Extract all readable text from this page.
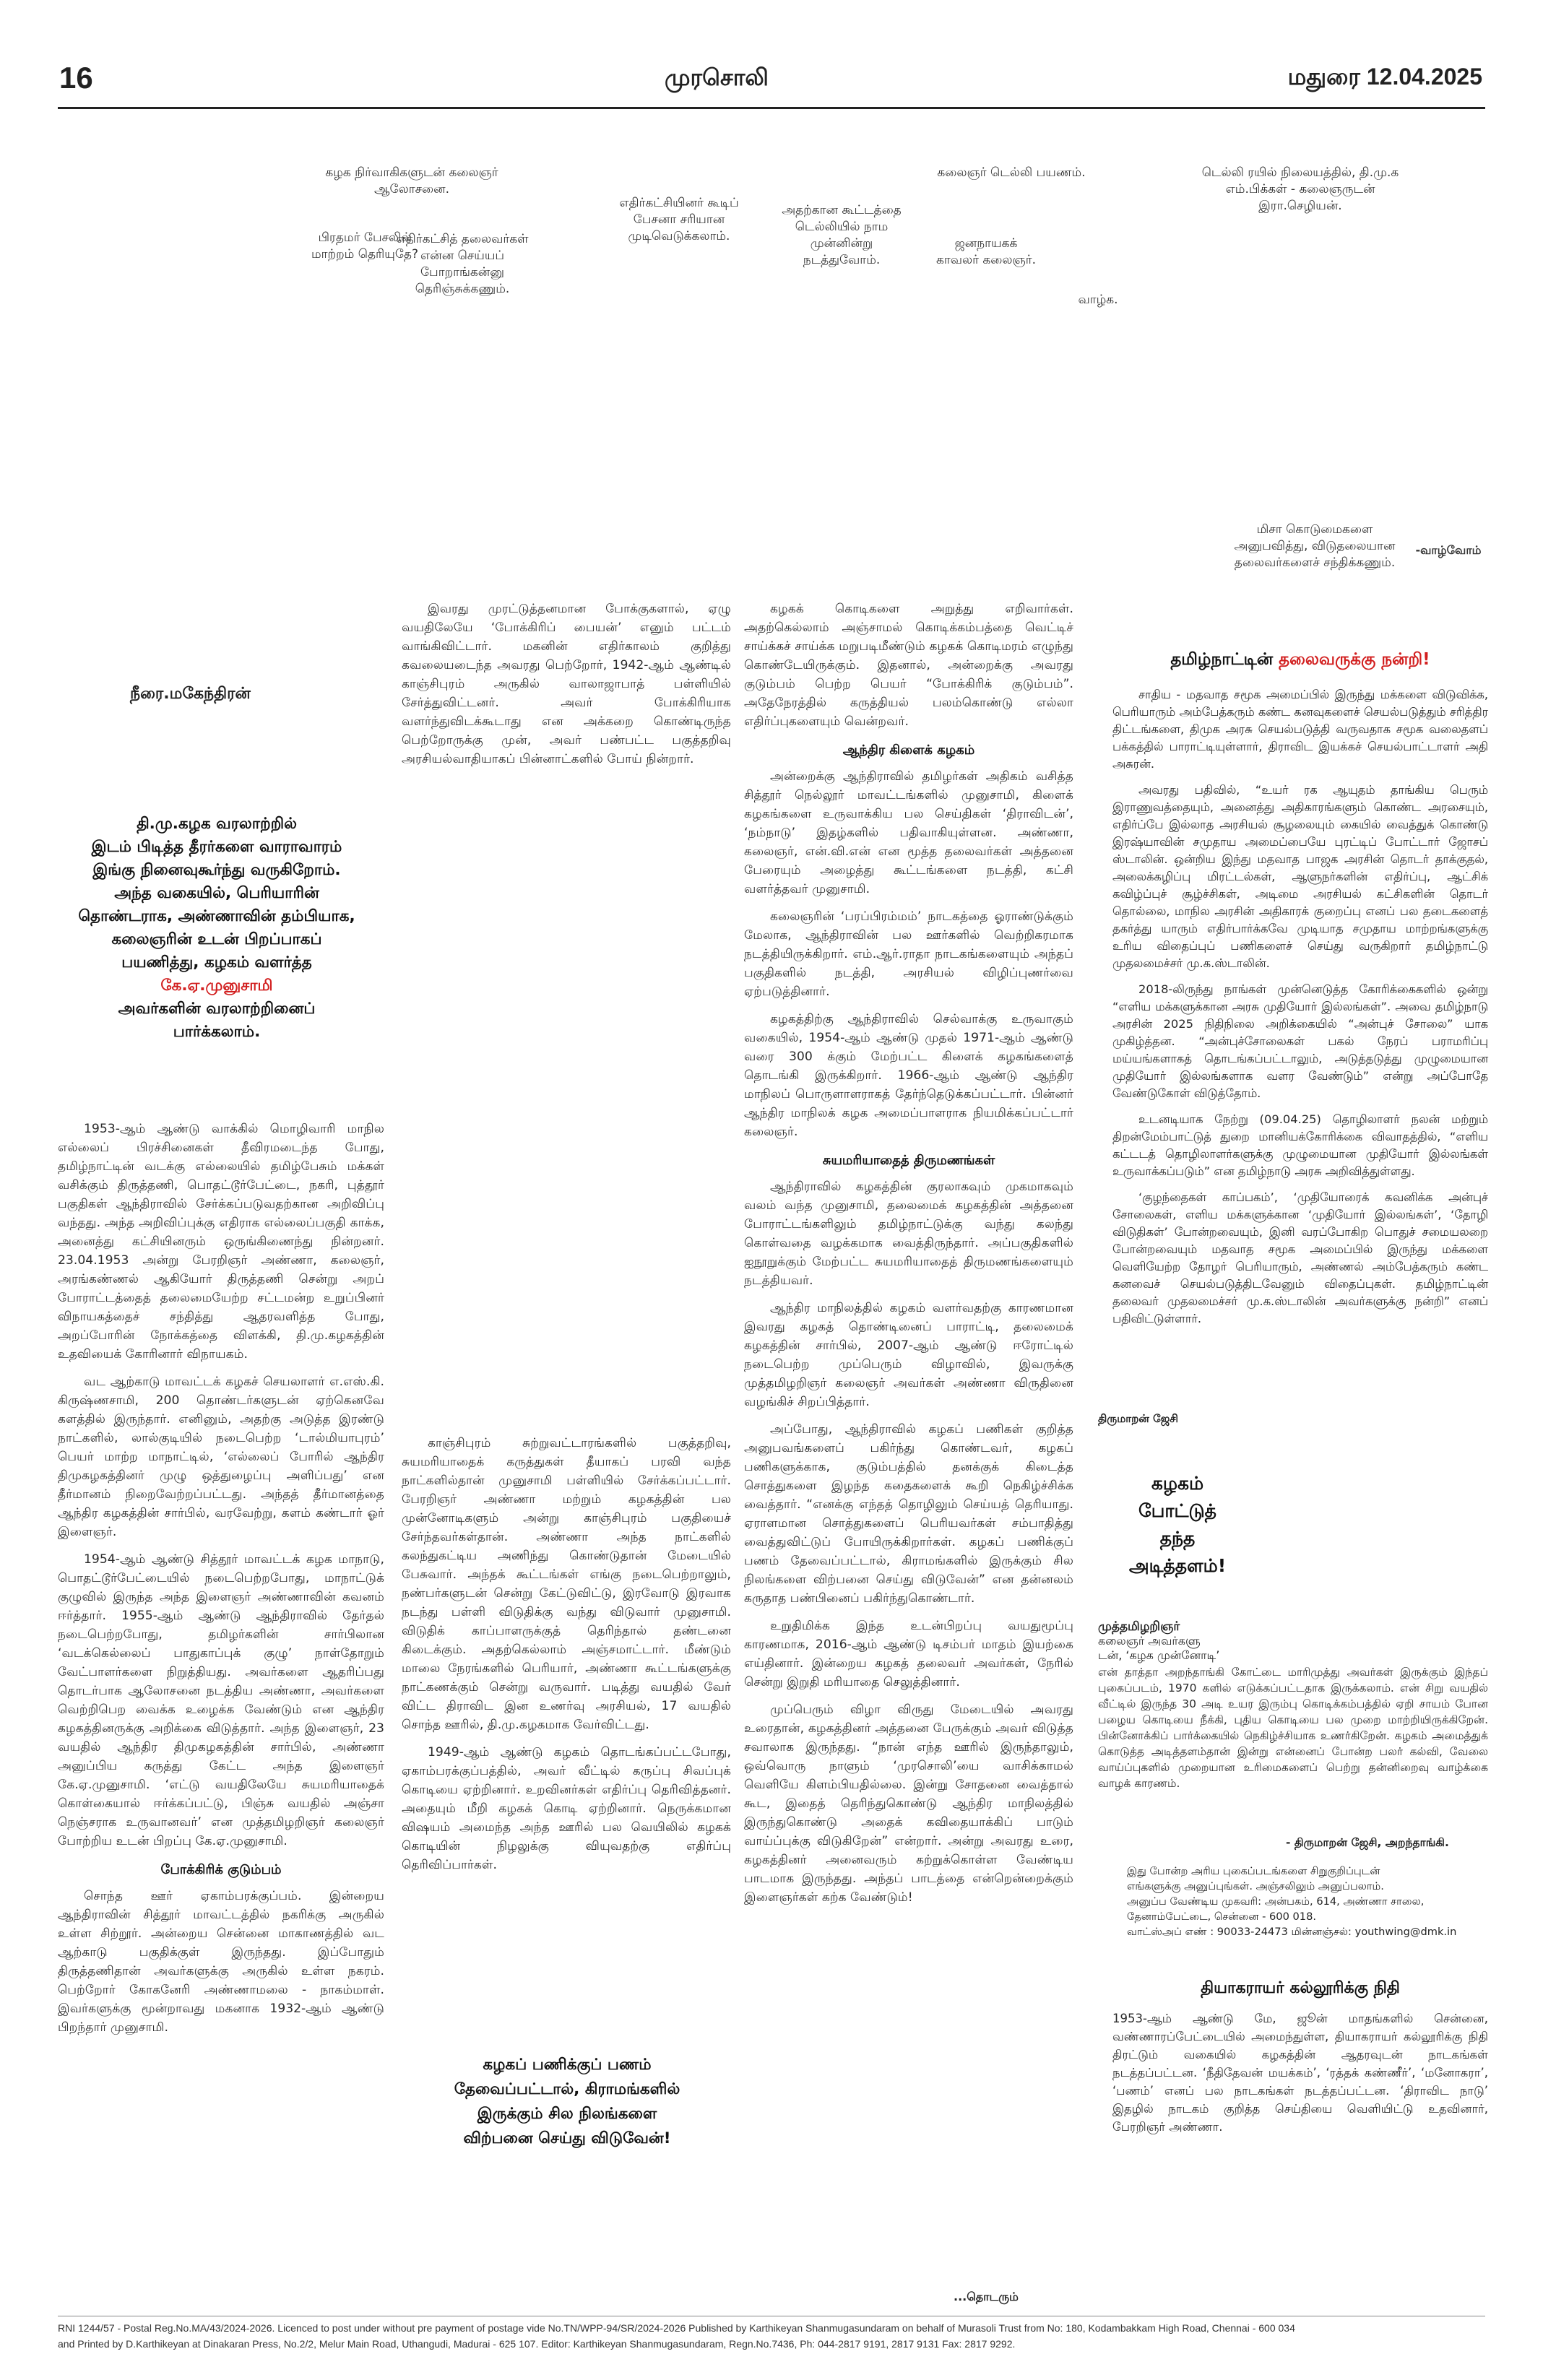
16	முரசொலி	மதுரை 12.04.2025
கழக நிர்வாகிகளுடன் கலைஞர் ஆலோசனை.
பிரதமர் பேசலில் மாற்றம் தெரியுதே?
எதிர்கட்சித் தலைவர்கள் என்ன செய்யப் போறாங்கன்னு தெரிஞ்சுக்கணும்.
எதிர்கட்சியினர் கூடிப் பேசனா சரியான முடிவெடுக்கலாம்.
அதற்கான கூட்டத்தை டெல்லியில் நாம முன்னின்று நடத்துவோம்.
கலைஞர் டெல்லி பயணம்.
ஜனநாயகக் காவலர் கலைஞர்.
வாழ்க.
டெல்லி ரயில் நிலையத்தில், தி.மு.க எம்.பிக்கள் - கலைஞருடன் இரா.செழியன்.
மிசா கொடுமைகளை அனுபவித்து, விடுதலையான தலைவர்களைச் சந்திக்கணும்.
-வாழ்வோம்
நீரை.மகேந்திரன்
தி.மு.கழக வரலாற்றில்
இடம் பிடித்த தீரர்களை வாராவாரம்
இங்கு நினைவுகூர்ந்து வருகிறோம்.
அந்த வகையில், பெரியாரின்
தொண்டராக, அண்ணாவின் தம்பியாக,
கலைஞரின் உடன் பிறப்பாகப்
பயணித்து, கழகம் வளர்த்த
கே.ஏ.முனுசாமி
அவர்களின் வரலாற்றினைப்
பார்க்கலாம்.

1953-ஆம் ஆண்டு வாக்கில் மொழிவாரி மாநில எல்லைப் பிரச்சினைகள் தீவிரமடைந்த போது, தமிழ்நாட்டின் வடக்கு எல்லையில் தமிழ்பேசும் மக்கள் வசிக்கும் திருத்தணி, பொதட்டூர்பேட்டை, நகரி, புத்தூர் பகுதிகள் ஆந்திராவில் சேர்க்கப்படுவதற்கான அறிவிப்பு வந்தது. அந்த அறிவிப்புக்கு எதிராக எல்லைப்பகுதி காக்க, அனைத்து கட்சியினரும் ஒருங்கிணைந்து நின்றனர். 23.04.1953 அன்று பேரறிஞர் அண்ணா, கலைஞர், அரங்கண்ணல் ஆகியோர் திருத்தணி சென்று அறப் போராட்டத்தைத் தலைமையேற்ற சட்டமன்ற உறுப்பினர் விநாயகத்தைச் சந்தித்து ஆதரவளித்த போது, அறப்போரின் நோக்கத்தை விளக்கி, தி.மு.கழகத்தின் உதவியைக் கோரினார் விநாயகம்.

வட ஆற்காடு மாவட்டக் கழகச் செயலாளர் எ.எஸ்.கி. கிருஷ்ணசாமி, 200 தொண்டர்களுடன் ஏற்கெனவே களத்தில் இருந்தார். எனினும், அதற்கு அடுத்த இரண்டு நாட்களில், லால்குடியில் நடைபெற்ற ‘டால்மியாபுரம்’ பெயர் மாற்ற மாநாட்டில், ‘எல்லைப் போரில் ஆந்திர திமுகழகத்தினர் முழு ஒத்துழைப்பு அளிப்பது’ என தீர்மானம் நிறைவேற்றப்பட்டது. அந்தத் தீர்மானத்தை ஆந்திர கழகத்தின் சார்பில், வரவேற்று, களம் கண்டார் ஓர் இளைஞர்.

1954-ஆம் ஆண்டு சித்தூர் மாவட்டக் கழக மாநாடு, பொதட்டூர்பேட்டையில் நடைபெற்றபோது, மாநாட்டுக் குழுவில் இருந்த அந்த இளைஞர் அண்ணாவின் கவனம் ஈர்த்தார். 1955-ஆம் ஆண்டு ஆந்திராவில் தேர்தல் நடைபெற்றபோது, தமிழர்களின் சார்பிலான ‘வடக்கெல்லைப் பாதுகாப்புக் குழு’ நாள்தோறும் வேட்பாளர்களை நிறுத்தியது. அவர்களை ஆதரிப்பது தொடர்பாக ஆலோசனை நடத்திய அண்ணா, அவர்களை வெற்றிபெற வைக்க உழைக்க வேண்டும் என ஆந்திர கழகத்தினருக்கு அறிக்கை விடுத்தார். அந்த இளைஞர், 23 வயதில் ஆந்திர திமுகழகத்தின் சார்பில், அண்ணா அனுப்பிய கருத்து கேட்ட அந்த இளைஞர் கே.ஏ.முனுசாமி. ‘எட்டு வயதிலேயே சுயமரியாதைக் கொள்கையால் ஈர்க்கப்பட்டு, பிஞ்சு வயதில் அஞ்சா நெஞ்சராக உருவானவர்’ என முத்தமிழறிஞர் கலைஞர் போற்றிய உடன் பிறப்பு கே.ஏ.முனுசாமி.

போக்கிரிக் குடும்பம்

சொந்த ஊர் ஏகாம்பரக்குப்பம். இன்றைய ஆந்திராவின் சித்தூர் மாவட்டத்தில் நகரிக்கு அருகில் உள்ள சிற்றூர். அன்றைய சென்னை மாகாணத்தில் வட ஆற்காடு பகுதிக்குள் இருந்தது. இப்போதும் திருத்தணிதான் அவர்களுக்கு அருகில் உள்ள நகரம். பெற்றோர் கோகனேரி அண்ணாமலை - நாகம்மாள். இவர்களுக்கு மூன்றாவது மகனாக 1932-ஆம் ஆண்டு பிறந்தார் முனுசாமி.

இவரது முரட்டுத்தனமான போக்குகளால், ஏழு வயதிலேயே ‘போக்கிரிப் பையன்’ எனும் பட்டம் வாங்கிவிட்டார். மகனின் எதிர்காலம் குறித்து கவலையடைந்த அவரது பெற்றோர், 1942-ஆம் ஆண்டில் காஞ்சிபுரம் அருகில் வாலாஜாபாத் பள்ளியில் சேர்த்துவிட்டனர். அவர் போக்கிரியாக வளர்ந்துவிடக்கூடாது என அக்கறை கொண்டிருந்த பெற்றோருக்கு முன், அவர் பண்பட்ட பகுத்தறிவு அரசியல்வாதியாகப் பின்னாட்களில் போய் நின்றார்.

காஞ்சிபுரம் சுற்றுவட்டாரங்களில் பகுத்தறிவு, சுயமரியாதைக் கருத்துகள் தீயாகப் பரவி வந்த நாட்களில்தான் முனுசாமி பள்ளியில் சேர்க்கப்பட்டார். பேரறிஞர் அண்ணா மற்றும் கழகத்தின் பல முன்னோடிகளும் அன்று காஞ்சிபுரம் பகுதியைச் சேர்ந்தவர்கள்தான். அண்ணா அந்த நாட்களில் கலந்துகட்டிய அணிந்து கொண்டுதான் மேடையில் பேசுவார். அந்தக் கூட்டங்கள் எங்கு நடைபெற்றாலும், நண்பர்களுடன் சென்று கேட்டுவிட்டு, இரவோடு இரவாக நடந்து பள்ளி விடுதிக்கு வந்து விடுவார் முனுசாமி. விடுதிக் காப்பாளருக்குத் தெரிந்தால் தண்டனை கிடைக்கும். அதற்கெல்லாம் அஞ்சமாட்டார். மீண்டும் மாலை நேரங்களில் பெரியார், அண்ணா கூட்டங்களுக்கு நாட்கணக்கும் சென்று வருவார். படித்து வயதில் வேர் விட்ட திராவிட இன உணர்வு அரசியல், 17 வயதில் சொந்த ஊரில், தி.மு.கழகமாக வேர்விட்டது.

1949-ஆம் ஆண்டு கழகம் தொடங்கப்பட்டபோது, ஏகாம்பரக்குப்பத்தில், அவர் வீட்டில் கருப்பு சிவப்புக் கொடியை ஏற்றினார். உறவினர்கள் எதிர்ப்பு தெரிவித்தனர். அதையும் மீறி கழகக் கொடி ஏற்றினார். நெருக்கமான விஷயம் அமைந்த அந்த ஊரில் பல வெயிலில் கழகக் கொடியின் நிழலுக்கு வியுவதற்கு எதிர்ப்பு தெரிவிப்பார்கள்.

கழகப் பணிக்குப் பணம்
தேவைப்பட்டால், கிராமங்களில்
இருக்கும் சில நிலங்களை
விற்பனை செய்து விடுவேன்!

கழகக் கொடிகளை அறுத்து எறிவார்கள். அதற்கெல்லாம் அஞ்சாமல் கொடிக்கம்பத்தை வெட்டிச் சாய்க்கச் சாய்க்க மறுபடிமீண்டும் கழகக் கொடிமரம் எழுந்து கொண்டேயிருக்கும். இதனால், அன்றைக்கு அவரது குடும்பம் பெற்ற பெயர் “போக்கிரிக் குடும்பம்”. அதேநேரத்தில் கருத்தியல் பலம்கொண்டு எல்லா எதிர்ப்புகளையும் வென்றவர்.

ஆந்திர கிளைக் கழகம்

அன்றைக்கு ஆந்திராவில் தமிழர்கள் அதிகம் வசித்த சித்தூர் நெல்லூர் மாவட்டங்களில் முனுசாமி, கிளைக் கழகங்களை உருவாக்கிய பல செய்திகள் ‘திராவிடன்’, ‘நம்நாடு’ இதழ்களில் பதிவாகியுள்ளன. அண்ணா, கலைஞர், என்.வி.என் என மூத்த தலைவர்கள் அத்தனை பேரையும் அழைத்து கூட்டங்களை நடத்தி, கட்சி வளர்த்தவர் முனுசாமி.

கலைஞரின் ‘பரப்பிரம்மம்’ நாடகத்தை ஓராண்டுக்கும் மேலாக, ஆந்திராவின் பல ஊர்களில் வெற்றிகரமாக நடத்தியிருக்கிறார். எம்.ஆர்.ராதா நாடகங்களையும் அந்தப் பகுதிகளில் நடத்தி, அரசியல் விழிப்புணர்வை ஏற்படுத்தினார்.

கழகத்திற்கு ஆந்திராவில் செல்வாக்கு உருவாகும் வகையில், 1954-ஆம் ஆண்டு முதல் 1971-ஆம் ஆண்டு வரை 300 க்கும் மேற்பட்ட கிளைக் கழகங்களைத் தொடங்கி இருக்கிறார். 1966-ஆம் ஆண்டு ஆந்திர மாநிலப் பொருளாளராகத் தேர்ந்தெடுக்கப்பட்டார். பின்னர் ஆந்திர மாநிலக் கழக அமைப்பாளராக நியமிக்கப்பட்டார் கலைஞர்.

சுயமரியாதைத் திருமணங்கள்

ஆந்திராவில் கழகத்தின் குரலாகவும் முகமாகவும் வலம் வந்த முனுசாமி, தலைமைக் கழகத்தின் அத்தனை போராட்டங்களிலும் தமிழ்நாட்டுக்கு வந்து கலந்து கொள்வதை வழக்கமாக வைத்திருந்தார். அப்பகுதிகளில் ஐநூறுக்கும் மேற்பட்ட சுயமரியாதைத் திருமணங்களையும் நடத்தியவர்.

ஆந்திர மாநிலத்தில் கழகம் வளர்வதற்கு காரணமான இவரது கழகத் தொண்டினைப் பாராட்டி, தலைமைக் கழகத்தின் சார்பில், 2007-ஆம் ஆண்டு ஈரோட்டில் நடைபெற்ற முப்பெரும் விழாவில், இவருக்கு முத்தமிழறிஞர் கலைஞர் அவர்கள் அண்ணா விருதினை வழங்கிச் சிறப்பித்தார்.

அப்போது, ஆந்திராவில் கழகப் பணிகள் குறித்த அனுபவங்களைப் பகிர்ந்து கொண்டவர், கழகப் பணிகளுக்காக, குடும்பத்தில் தனக்குக் கிடைத்த சொத்துகளை இழந்த கதைகளைக் கூறி நெகிழ்ச்சிக்க வைத்தார். “எனக்கு எந்தத் தொழிலும் செய்யத் தெரியாது. ஏராளமான சொத்துகளைப் பெரியவர்கள் சம்பாதித்து வைத்துவிட்டுப் போயிருக்கிறார்கள். கழகப் பணிக்குப் பணம் தேவைப்பட்டால், கிராமங்களில் இருக்கும் சில நிலங்களை விற்பனை செய்து விடுவேன்” என தன்னலம் கருதாத பண்பினைப் பகிர்ந்துகொண்டார்.

உறுதிமிக்க இந்த உடன்பிறப்பு வயதுமூப்பு காரணமாக, 2016-ஆம் ஆண்டு டிசம்பர் மாதம் இயற்கை எய்தினார். இன்றைய கழகத் தலைவர் அவர்கள், நேரில் சென்று இறுதி மரியாதை செலுத்தினார்.

முப்பெரும் விழா விருது மேடையில் அவரது உரைதான், கழகத்தினர் அத்தனை பேருக்கும் அவர் விடுத்த சவாலாக இருந்தது. “நான் எந்த ஊரில் இருந்தாலும், ஒவ்வொரு நாளும் ‘முரசொலி’யை வாசிக்காமல் வெளியே கிளம்பியதில்லை. இன்று சோதனை வைத்தால் கூட, இதைத் தெரிந்துகொண்டு ஆந்திர மாநிலத்தில் இருந்துகொண்டு அதைக் கவிதையாக்கிப் பாடும் வாய்ப்புக்கு விடுகிறேன்” என்றார். அன்று அவரது உரை, கழகத்தினர் அனைவரும் கற்றுக்கொள்ள வேண்டிய பாடமாக இருந்தது. அந்தப் பாடத்தை என்றென்றைக்கும் இளைஞர்கள் கற்க வேண்டும்!

...தொடரும்
தமிழ்நாட்டின் தலைவருக்கு நன்றி!

சாதிய - மதவாத சமூக அமைப்பில் இருந்து மக்களை விடுவிக்க, பெரியாரும் அம்பேத்கரும் கண்ட கனவுகளைச் செயல்படுத்தும் சரித்திர திட்டங்களை, திமுக அரசு செயல்படுத்தி வருவதாக சமூக வலைதளப் பக்கத்தில் பாராட்டியுள்ளார், திராவிட இயக்கச் செயல்பாட்டாளர் அதி அசுரன்.

அவரது பதிவில், “உயர் ரக ஆயுதம் தாங்கிய பெரும் இராணுவத்தையும், அனைத்து அதிகாரங்களும் கொண்ட அரசையும், எதிர்ப்பே இல்லாத அரசியல் சூழலையும் கையில் வைத்துக் கொண்டு இரஷ்யாவின் சமுதாய அமைப்பையே புரட்டிப் போட்டார் ஜோசப் ஸ்டாலின். ஒன்றிய இந்து மதவாத பாஜக அரசின் தொடர் தாக்குதல், அலைக்கழிப்பு மிரட்டல்கள், ஆளுநர்களின் எதிர்ப்பு, ஆட்சிக் கவிழ்ப்புச் சூழ்ச்சிகள், அடிமை அரசியல் கட்சிகளின் தொடர் தொல்லை, மாநில அரசின் அதிகாரக் குறைப்பு எனப் பல தடைகளைத் தகர்த்து யாரும் எதிர்பார்க்கவே முடியாத சமுதாய மாற்றங்களுக்கு உரிய விதைப்புப் பணிகளைச் செய்து வருகிறார் தமிழ்நாட்டு முதலமைச்சர் மு.க.ஸ்டாலின்.

2018-லிருந்து நாங்கள் முன்னெடுத்த கோரிக்கைகளில் ஒன்று “எளிய மக்களுக்கான அரசு முதியோர் இல்லங்கள்”. அவை தமிழ்நாடு அரசின் 2025 நிதிநிலை அறிக்கையில் “அன்புச் சோலை” யாக முகிழ்த்தன. “அன்புச்சோலைகள் பகல் நேரப் பராமரிப்பு மய்யங்களாகத் தொடங்கப்பட்டாலும், அடுத்தடுத்து முழுமையான முதியோர் இல்லங்களாக வளர வேண்டும்” என்று அப்போதே வேண்டுகோள் விடுத்தோம்.

உடனடியாக நேற்று (09.04.25) தொழிலாளர் நலன் மற்றும் திறன்மேம்பாட்டுத் துறை மானியக்கோரிக்கை விவாதத்தில், “எளிய கட்டடத் தொழிலாளர்களுக்கு முழுமையான முதியோர் இல்லங்கள் உருவாக்கப்படும்” என தமிழ்நாடு அரசு அறிவித்துள்ளது.

‘குழந்தைகள் காப்பகம்’, ‘முதியோரைக் கவனிக்க அன்புச் சோலைகள், எளிய மக்களுக்கான ‘முதியோர் இல்லங்கள்’, ‘தோழி விடுதிகள்’ போன்றவையும், இனி வரப்போகிற பொதுச் சமையலறை போன்றவையும் மதவாத சமூக அமைப்பில் இருந்து மக்களை வெளியேற்ற தோழர் பெரியாரும், அண்ணல் அம்பேத்கரும் கண்ட கனவைச் செயல்படுத்திடவேனும் விதைப்புகள். தமிழ்நாட்டின் தலைவர் முதலமைச்சர் மு.க.ஸ்டாலின் அவர்களுக்கு நன்றி” எனப் பதிவிட்டுள்ளார்.

திருமாறன் ஜேசி
கழகம்
போட்டுத்
தந்த
அடித்தளம்!
முத்தமிழறிஞர்
கலைஞர் அவர்களு
டன், ‘கழக முன்னோடி’

என் தாத்தா அறந்தாங்கி கோட்டை மாரிமுத்து அவர்கள் இருக்கும் இந்தப் புகைப்படம், 1970 களில் எடுக்கப்பட்டதாக இருக்கலாம். என் சிறு வயதில் வீட்டில் இருந்த 30 அடி உயர இரும்பு கொடிக்கம்பத்தில் ஏறி சாயம் போன பழைய கொடியை நீக்கி, புதிய கொடியை பல முறை மாற்றியிருக்கிறேன். பின்னோக்கிப் பார்க்கையில் நெகிழ்ச்சியாக உணர்கிறேன். கழகம் அமைத்துக் கொடுத்த அடித்தளம்தான் இன்று என்னைப் போன்ற பலர் கல்வி, வேலை வாய்ப்புகளில் முறையான உரிமைகளைப் பெற்று தன்னிறைவு வாழ்க்கை வாழக் காரணம்.

- திருமாறன் ஜேசி, அறந்தாங்கி.
இது போன்ற அரிய புகைப்படங்களை சிறுகுறிப்புடன்
எங்களுக்கு அனுப்புங்கள். அஞ்சலிலும் அனுப்பலாம்.
அனுப்ப வேண்டிய முகவரி: அன்பகம், 614, அண்ணா சாலை,
தேனாம்பேட்டை, சென்னை - 600 018.
வாட்ஸ்அப் எண் : 90033-24473 மின்னஞ்சல்: youthwing@dmk.in
தியாகராயர் கல்லூரிக்கு நிதி

1953-ஆம் ஆண்டு மே, ஜூன் மாதங்களில் சென்னை, வண்ணாரப்பேட்டையில் அமைந்துள்ள, தியாகராயர் கல்லூரிக்கு நிதி திரட்டும் வகையில் கழகத்தின் ஆதரவுடன் நாடகங்கள் நடத்தப்பட்டன. ‘நீதிதேவன் மயக்கம்’, ‘ரத்தக் கண்ணீர்’, ‘மனோகரா’, ‘பணம்’ எனப் பல நாடகங்கள் நடத்தப்பட்டன. ‘திராவிட நாடு’ இதழில் நாடகம் குறித்த செய்தியை வெளியிட்டு உதவினார், பேரறிஞர் அண்ணா.

RNI 1244/57 - Postal Reg.No.MA/43/2024-2026. Licenced to post under without pre payment of postage vide No.TN/WPP-94/SR/2024-2026 Published by Karthikeyan Shanmugasundaram on behalf of Murasoli Trust from No: 180, Kodambakkam High Road, Chennai - 600 034
and Printed by D.Karthikeyan at Dinakaran Press, No.2/2, Melur Main Road, Uthangudi, Madurai - 625 107. Editor: Karthikeyan Shanmugasundaram, Regn.No.7436, Ph: 044-2817 9191, 2817 9131 Fax: 2817 9292.
